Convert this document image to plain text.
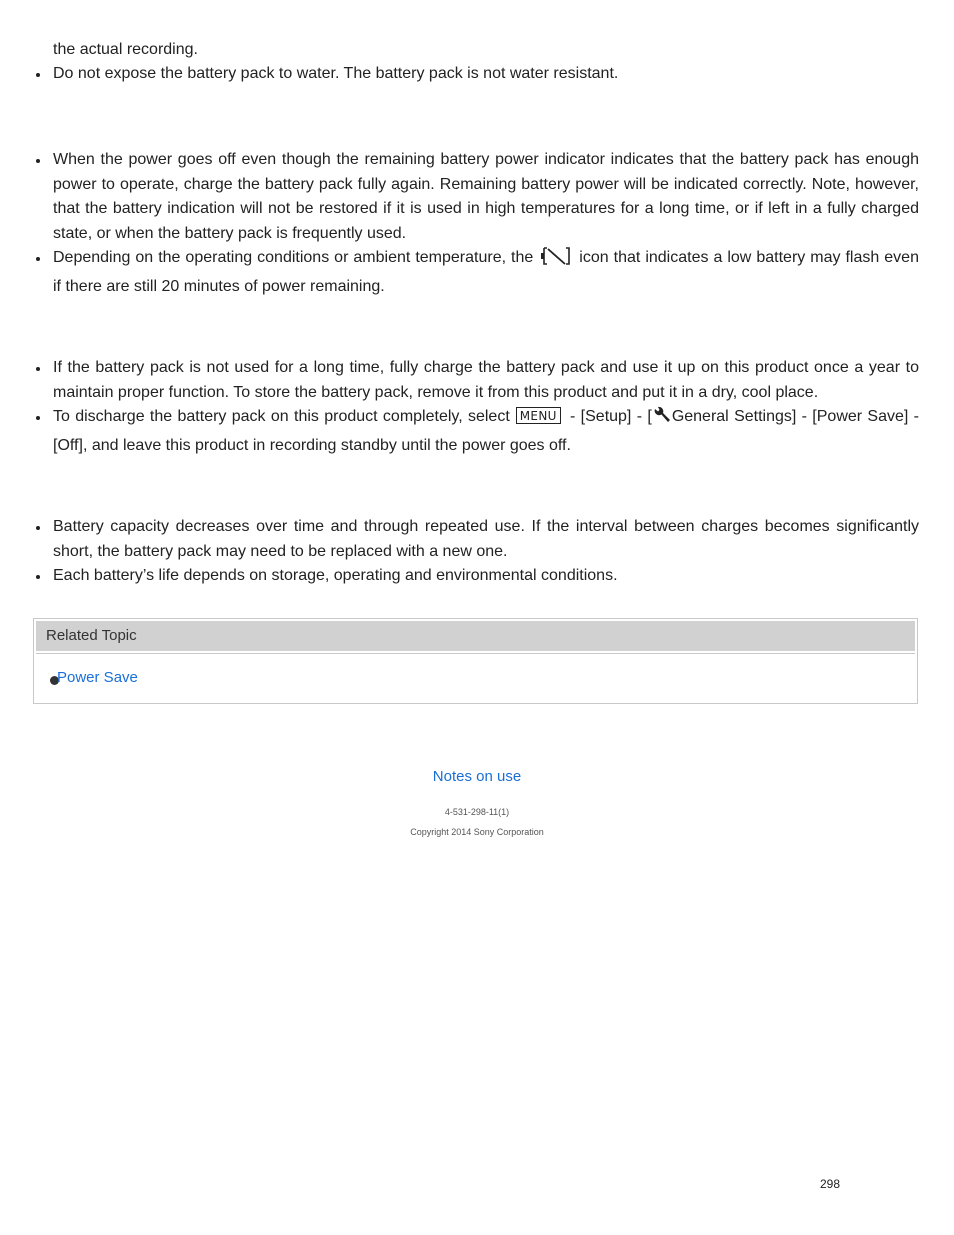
the actual recording.
Do not expose the battery pack to water. The battery pack is not water resistant.
When the power goes off even though the remaining battery power indicator indicates that the battery pack has enough power to operate, charge the battery pack fully again. Remaining battery power will be indicated correctly. Note, however, that the battery indication will not be restored if it is used in high temperatures for a long time, or if left in a fully charged state, or when the battery pack is frequently used.
Depending on the operating conditions or ambient temperature, the	icon that indicates a low battery may flash even if there are still 20 minutes of power remaining.
If the battery pack is not used for a long time, fully charge the battery pack and use it up on this product once a year to maintain proper function. To store the battery pack, remove it from this product and put it in a dry, cool place.
To discharge the battery pack on this product completely, select MENU - [Setup] - [ General Settings] - [Power Save] - [Off], and leave this product in recording standby until the power goes off.
Battery capacity decreases over time and through repeated use. If the interval between charges becomes significantly short, the battery pack may need to be replaced with a new one.
Each battery’s life depends on storage, operating and environmental conditions.
Related Topic
Power Save
Notes on use
4-531-298-11(1)
Copyright 2014 Sony Corporation
298
